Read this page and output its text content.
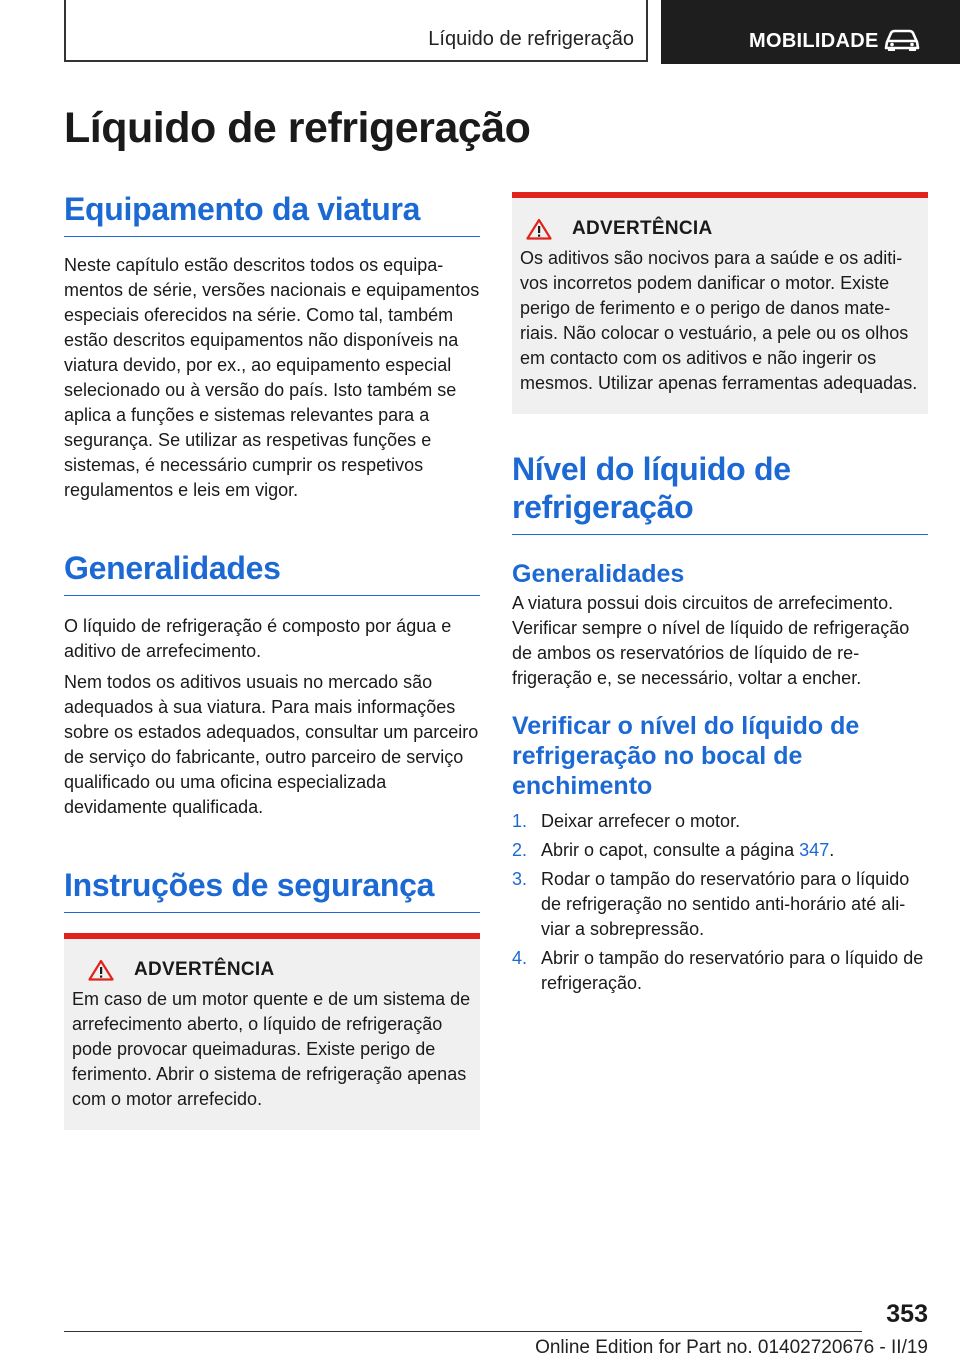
Líquido de refrigeração	MOBILIDADE
Líquido de refrigeração
Equipamento da viatura

Neste capítulo estão descritos todos os equipamentos de série, versões nacionais e equipamentos especiais oferecidos na série. Como tal, também estão descritos equipamentos não disponíveis na viatura devido, por ex., ao equipamento especial selecionado ou à versão do país. Isto também se aplica a funções e sistemas relevantes para a segurança. Se utilizar as respetivas funções e sistemas, é necessário cumprir os respetivos regulamentos e leis em vigor.

Generalidades

O líquido de refrigeração é composto por água e aditivo de arrefecimento.

Nem todos os aditivos usuais no mercado são adequados à sua viatura. Para mais informações sobre os estados adequados, consultar um parceiro de serviço do fabricante, outro parceiro de serviço qualificado ou uma oficina especializada devidamente qualificada.

Instruções de segurança
ADVERTÊNCIA

Em caso de um motor quente e de um sistema de arrefecimento aberto, o líquido de refrigeração pode provocar queimaduras. Existe perigo de ferimento. Abrir o sistema de refrigeração apenas com o motor arrefecido.

ADVERTÊNCIA

Os aditivos são nocivos para a saúde e os aditivos incorretos podem danificar o motor. Existe perigo de ferimento e o perigo de danos materiais. Não colocar o vestuário, a pele ou os olhos em contacto com os aditivos e não ingerir os mesmos. Utilizar apenas ferramentas adequadas.

Nível do líquido de refrigeração
Generalidades

A viatura possui dois circuitos de arrefecimento. Verificar sempre o nível de líquido de refrigeração de ambos os reservatórios de líquido de refrigeração e, se necessário, voltar a encher.

Verificar o nível do líquido de refrigeração no bocal de enchimento
1. Deixar arrefecer o motor.
2. Abrir o capot, consulte a página 347.
3. Rodar o tampão do reservatório para o líquido de refrigeração no sentido anti-horário até aliviar a sobrepressão.
4. Abrir o tampão do reservatório para o líquido de refrigeração.
353
Online Edition for Part no. 01402720676 - II/19
